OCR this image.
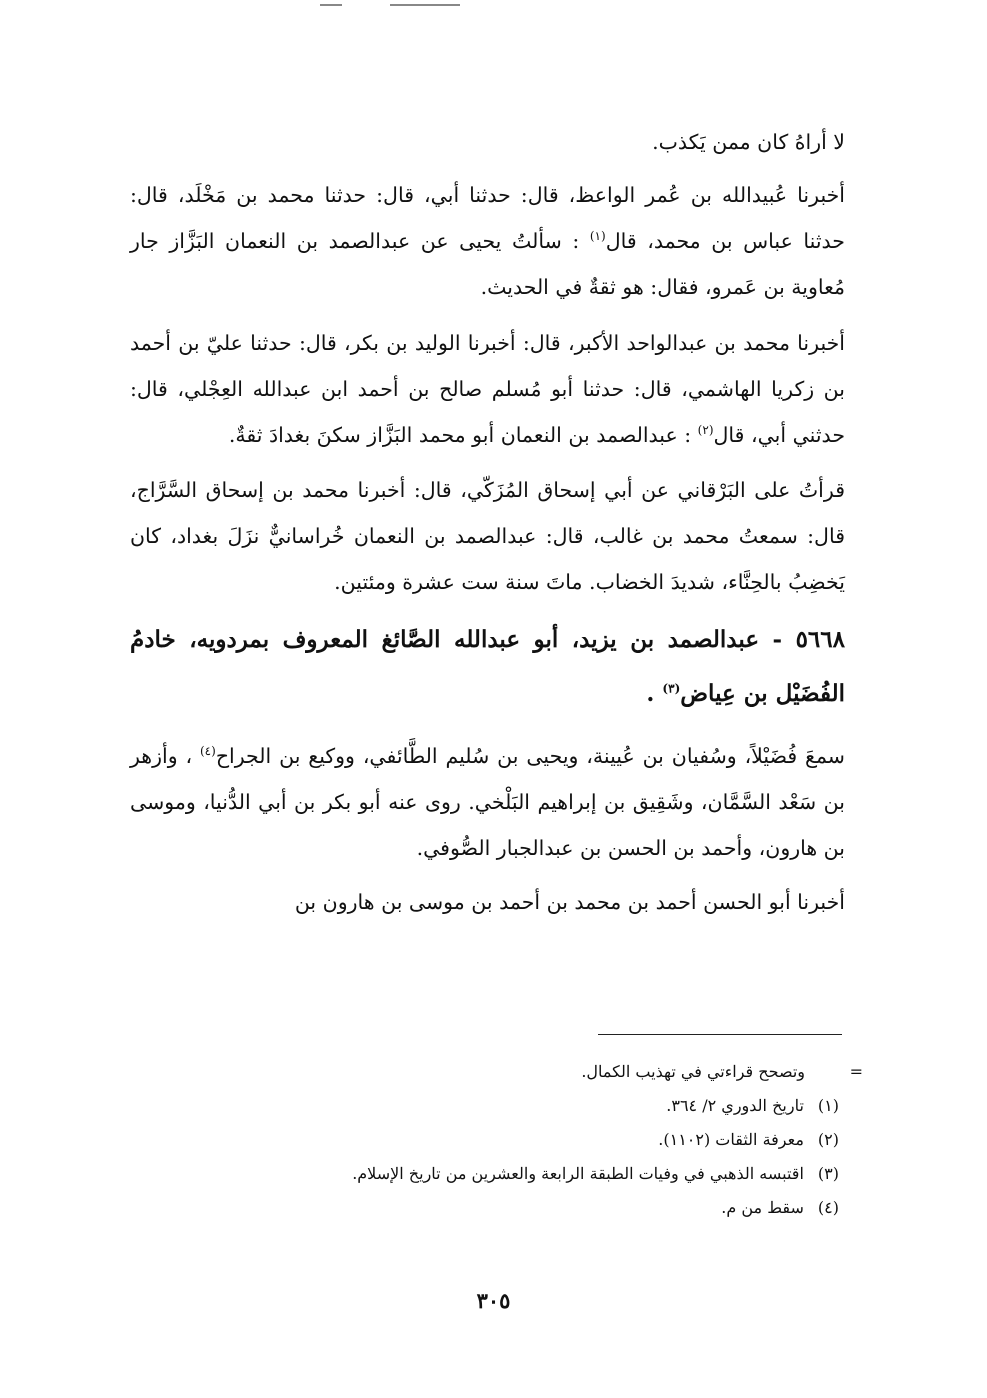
لا أراهُ كان ممن يَكذب.

أخبرنا عُبيدالله بن عُمر الواعظ، قال: حدثنا أبي، قال: حدثنا محمد بن مَخْلَد، قال: حدثنا عباس بن محمد، قال$^{(١)}$ : سألتُ يحيى عن عبدالصمد بن النعمان البَزَّاز جار مُعاوية بن عَمرو، فقال: هو ثقةٌ في الحديث.

أخبرنا محمد بن عبدالواحد الأكبر، قال: أخبرنا الوليد بن بكر، قال: حدثنا عليّ بن أحمد بن زكريا الهاشمي، قال: حدثنا أبو مُسلم صالح بن أحمد ابن عبدالله العِجْلي، قال: حدثني أبي، قال$^{(٢)}$ : عبدالصمد بن النعمان أبو محمد البَزَّاز سكنَ بغدادَ ثقةٌ.

قرأتُ على البَرْقاني عن أبي إسحاق المُزَكّي، قال: أخبرنا محمد بن إسحاق السَّرَّاج، قال: سمعتُ محمد بن غالب، قال: عبدالصمد بن النعمان خُراسانيٌّ نزَلَ بغداد، كان يَخضِبُ بالحِنَّاء، شديدَ الخضاب. ماتَ سنة ست عشرة ومئتين.

٥٦٦٨ - عبدالصمد بن يزيد، أبو عبدالله الصَّائغ المعروف بمردويه، خادمُ الفُضَيْل بن عِياض$^{(٣)}$ .

سمعَ فُضَيْلاً، وسُفيان بن عُيينة، ويحيى بن سُليم الطَّائفي، ووكيع بن الجراح$^{(٤)}$ ، وأزهر بن سَعْد السَّمَّان، وشَقِيق بن إبراهيم البَلْخي. روى عنه أبو بكر بن أبي الدُّنيا، وموسى بن هارون، وأحمد بن الحسن بن عبدالجبار الصُّوفي.

أخبرنا أبو الحسن أحمد بن محمد بن أحمد بن موسى بن هارون بن

=
وتصحح قراءتي في تهذيب الكمال.
(١) تاريخ الدوري ٢/ ٣٦٤.
(٢) معرفة الثقات (١١٠٢).
(٣) اقتبسه الذهبي في وفيات الطبقة الرابعة والعشرين من تاريخ الإسلام.
(٤) سقط من م.
٣٠٥
